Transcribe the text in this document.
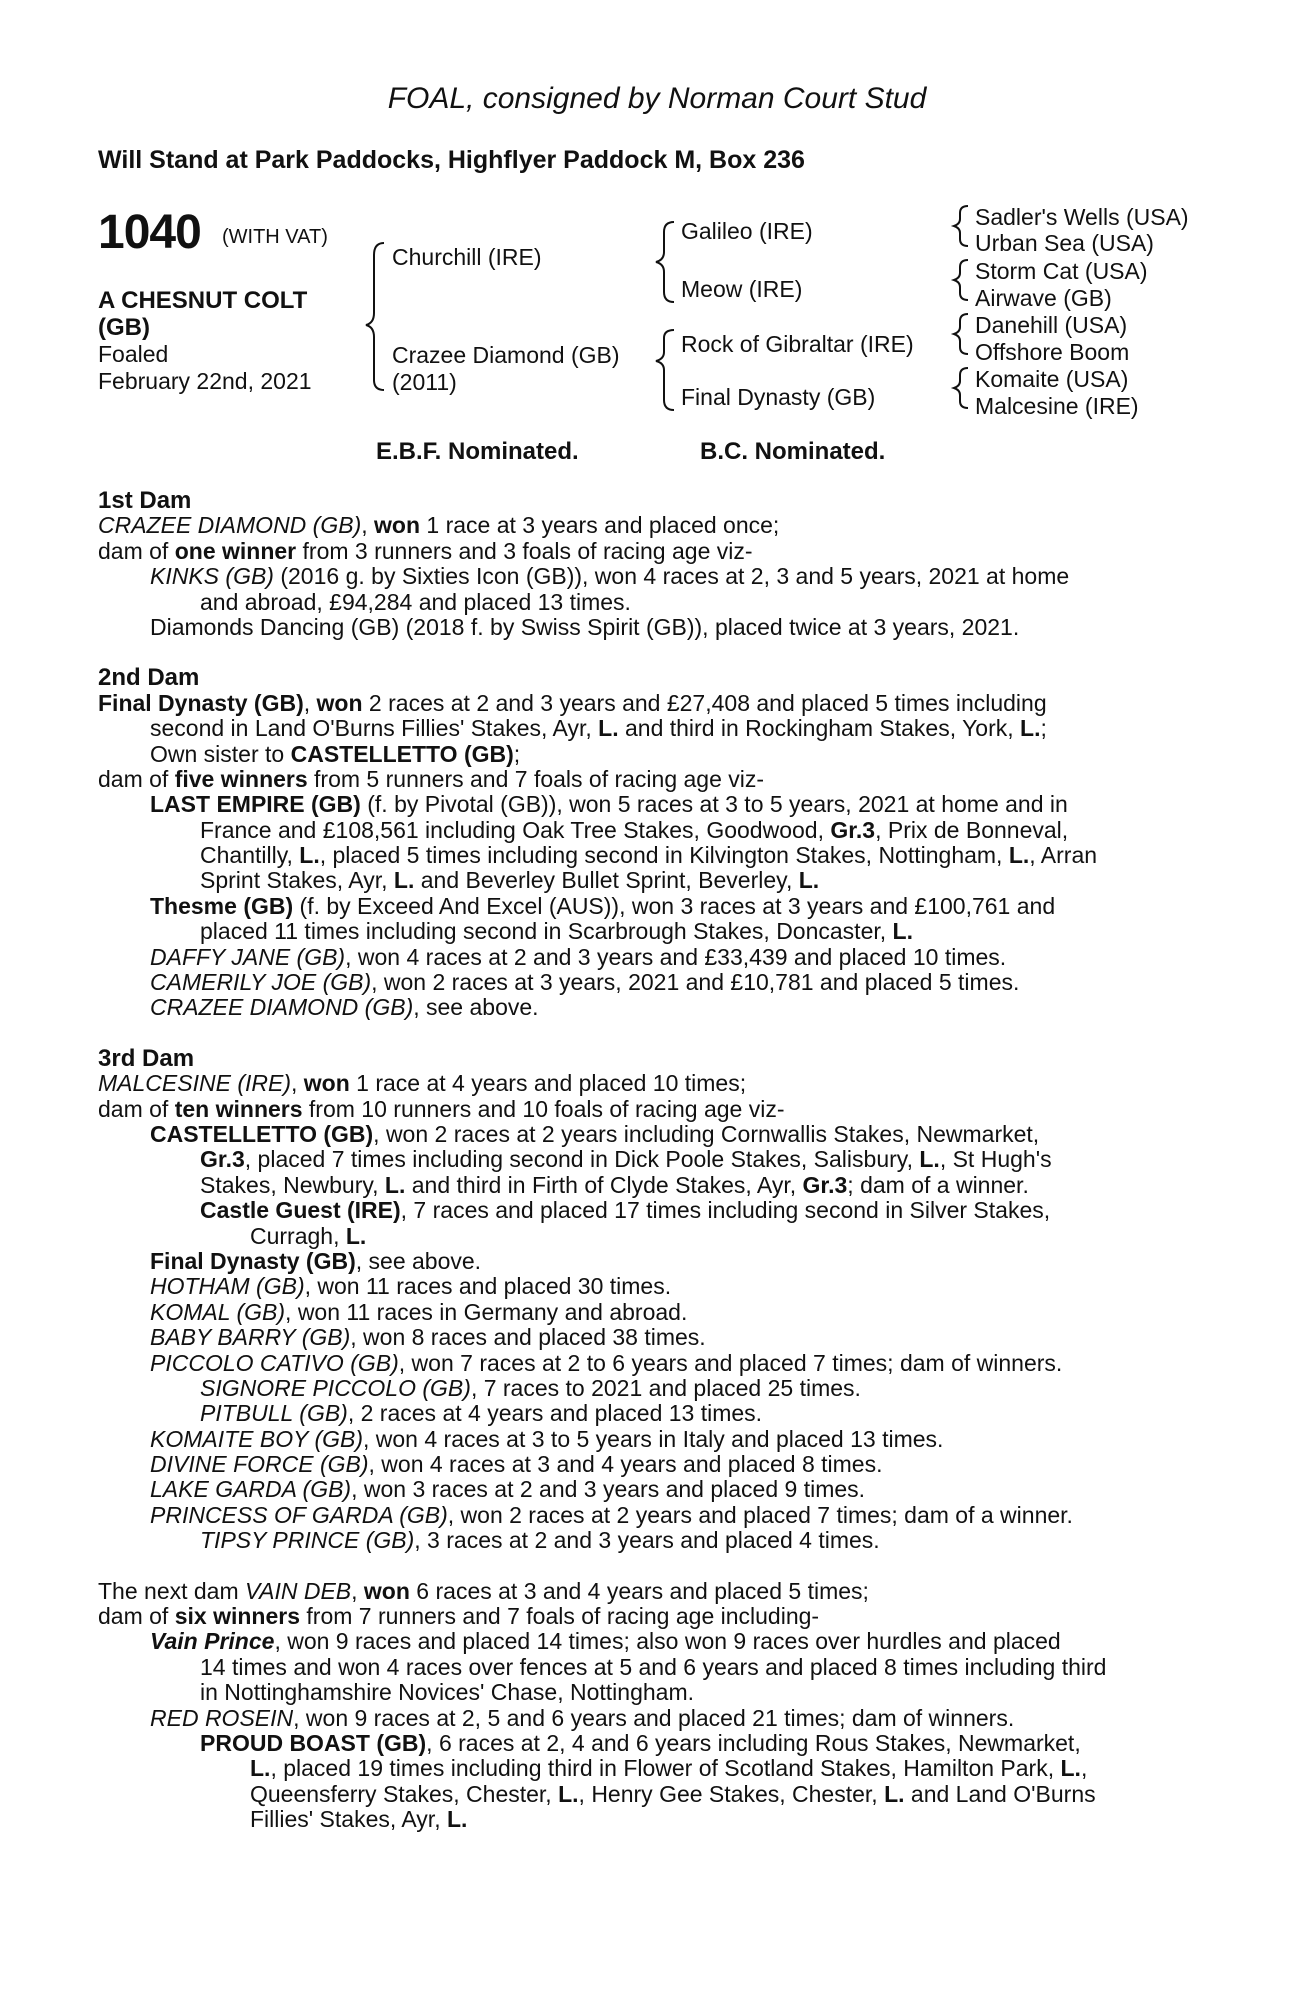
FOAL, consigned by Norman Court Stud
Will Stand at Park Paddocks, Highflyer Paddock M, Box 236
1040 (WITH VAT)
A CHESNUT COLT
(GB)
Foaled
February 22nd, 2021
Churchill (IRE)
Crazee Diamond (GB)
(2011)
Galileo (IRE)
Meow (IRE)
Rock of Gibraltar (IRE)
Final Dynasty (GB)
Sadler's Wells (USA)
Urban Sea (USA)
Storm Cat (USA)
Airwave (GB)
Danehill (USA)
Offshore Boom
Komaite (USA)
Malcesine (IRE)
E.B.F. Nominated.	B.C. Nominated.
1st Dam
CRAZEE DIAMOND (GB), won 1 race at 3 years and placed once;
dam of one winner from 3 runners and 3 foals of racing age viz-
KINKS (GB) (2016 g. by Sixties Icon (GB)), won 4 races at 2, 3 and 5 years, 2021 at home
and abroad, £94,284 and placed 13 times.
Diamonds Dancing (GB) (2018 f. by Swiss Spirit (GB)), placed twice at 3 years, 2021.
2nd Dam
Final Dynasty (GB), won 2 races at 2 and 3 years and £27,408 and placed 5 times including
second in Land O'Burns Fillies' Stakes, Ayr, L. and third in Rockingham Stakes, York, L.;
Own sister to CASTELLETTO (GB);
dam of five winners from 5 runners and 7 foals of racing age viz-
LAST EMPIRE (GB) (f. by Pivotal (GB)), won 5 races at 3 to 5 years, 2021 at home and in
France and £108,561 including Oak Tree Stakes, Goodwood, Gr.3, Prix de Bonneval,
Chantilly, L., placed 5 times including second in Kilvington Stakes, Nottingham, L., Arran
Sprint Stakes, Ayr, L. and Beverley Bullet Sprint, Beverley, L.
Thesme (GB) (f. by Exceed And Excel (AUS)), won 3 races at 3 years and £100,761 and
placed 11 times including second in Scarbrough Stakes, Doncaster, L.
DAFFY JANE (GB), won 4 races at 2 and 3 years and £33,439 and placed 10 times.
CAMERILY JOE (GB), won 2 races at 3 years, 2021 and £10,781 and placed 5 times.
CRAZEE DIAMOND (GB), see above.
3rd Dam
MALCESINE (IRE), won 1 race at 4 years and placed 10 times;
dam of ten winners from 10 runners and 10 foals of racing age viz-
CASTELLETTO (GB), won 2 races at 2 years including Cornwallis Stakes, Newmarket,
Gr.3, placed 7 times including second in Dick Poole Stakes, Salisbury, L., St Hugh's
Stakes, Newbury, L. and third in Firth of Clyde Stakes, Ayr, Gr.3; dam of a winner.
Castle Guest (IRE), 7 races and placed 17 times including second in Silver Stakes,
Curragh, L.
Final Dynasty (GB), see above.
HOTHAM (GB), won 11 races and placed 30 times.
KOMAL (GB), won 11 races in Germany and abroad.
BABY BARRY (GB), won 8 races and placed 38 times.
PICCOLO CATIVO (GB), won 7 races at 2 to 6 years and placed 7 times; dam of winners.
SIGNORE PICCOLO (GB), 7 races to 2021 and placed 25 times.
PITBULL (GB), 2 races at 4 years and placed 13 times.
KOMAITE BOY (GB), won 4 races at 3 to 5 years in Italy and placed 13 times.
DIVINE FORCE (GB), won 4 races at 3 and 4 years and placed 8 times.
LAKE GARDA (GB), won 3 races at 2 and 3 years and placed 9 times.
PRINCESS OF GARDA (GB), won 2 races at 2 years and placed 7 times; dam of a winner.
TIPSY PRINCE (GB), 3 races at 2 and 3 years and placed 4 times.
The next dam VAIN DEB, won 6 races at 3 and 4 years and placed 5 times;
dam of six winners from 7 runners and 7 foals of racing age including-
Vain Prince, won 9 races and placed 14 times; also won 9 races over hurdles and placed
14 times and won 4 races over fences at 5 and 6 years and placed 8 times including third
in Nottinghamshire Novices' Chase, Nottingham.
RED ROSEIN, won 9 races at 2, 5 and 6 years and placed 21 times; dam of winners.
PROUD BOAST (GB), 6 races at 2, 4 and 6 years including Rous Stakes, Newmarket,
L., placed 19 times including third in Flower of Scotland Stakes, Hamilton Park, L.,
Queensferry Stakes, Chester, L., Henry Gee Stakes, Chester, L. and Land O'Burns
Fillies' Stakes, Ayr, L.
